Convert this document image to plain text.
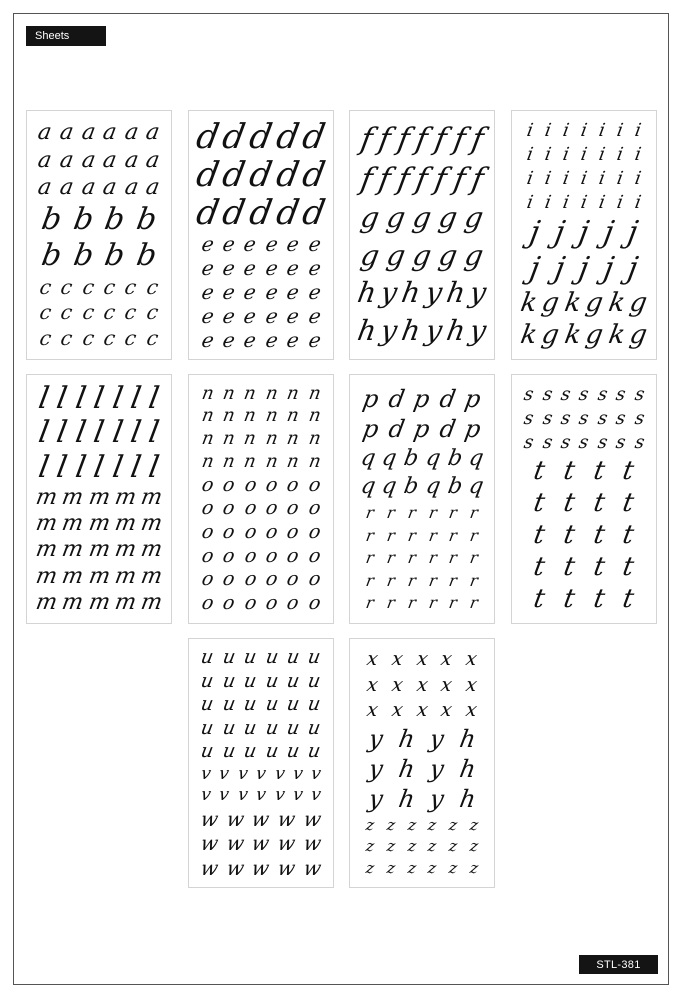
Sheets
a a a a a a
a a a a a a
a a a a a a
b b b b
b b b b
c c c c c c
c c c c c c
c c c c c c
d
d
d
d
d
d
d
d
d
d
d
d
d
d
d
e e e e e e
e e e e e e
e e e e e e
e e e e e e
e e e e e e
f f f f f f f
f f f f f f f
g g g g g
g g g g g
h y h y h y
h y h y h y
i i i i i i i
i i i i i i i
i i i i i i i
i i i i i i i
j j j j j
j j j j j
k g k g k g
k g k g k g
l l l l l l l
l l l l l l l
l l l l l l l
m m m m m
m m m m m
m m m m m
m m m m m
m m m m m
n n n n n n
n n n n n n
n n n n n n
n n n n n n
o o o o o o
o o o o o o
o o o o o o
o o o o o o
o o o o o o
o o o o o o
p d p d p
p d p d p
q q b q b q
q q b q b q
r r r r r r
r r r r r r
r r r r r r
r r r r r r
r r r r r r
s s s s s s s
s s s s s s s
s s s s s s s
t t t t
t t t t
t t t t
t t t t
t t t t
u u u u u u
u u u u u u
u u u u u u
u u u u u u
u u u u u u
v v v v v v v
v v v v v v v
w w w w w
w w w w w
w w w w w
x x x x x
x x x x x
x x x x x
y h y h
y h y h
y h y h
z z z z z z
z z z z z z
z z z z z z
STL-381
